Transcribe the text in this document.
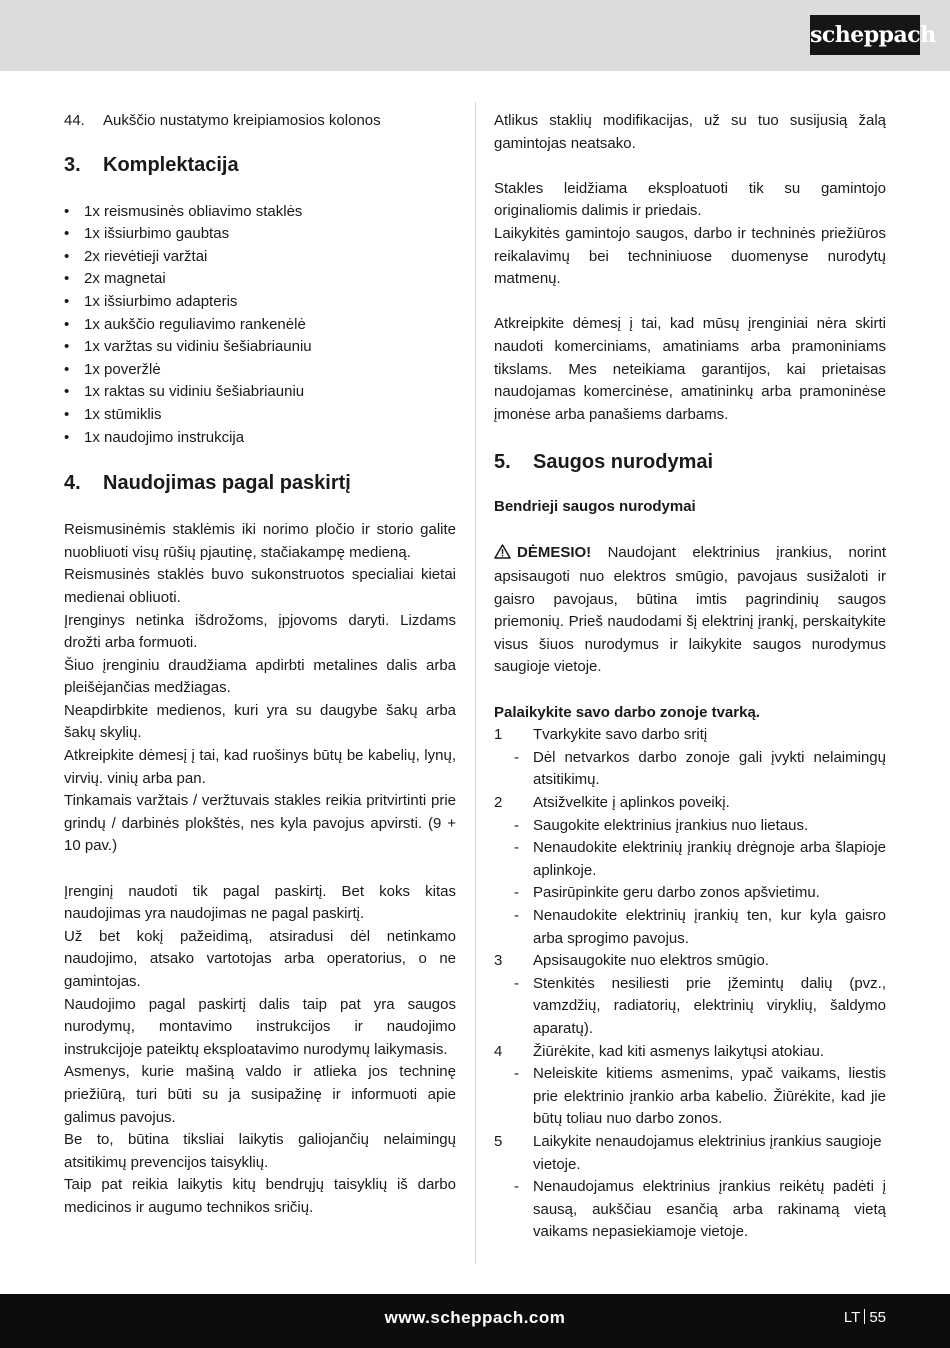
scheppach
44. Aukščio nustatymo kreipiamosios kolonos
3. Komplektacija
• 1x reismusinės obliavimo staklės
• 1x išsiurbimo gaubtas
• 2x rievėtieji varžtai
• 2x magnetai
• 1x išsiurbimo adapteris
• 1x aukščio reguliavimo rankenėlė
• 1x varžtas su vidiniu šešiabriauniu
• 1x poveržlė
• 1x raktas su vidiniu šešiabriauniu
• 1x stūmiklis
• 1x naudojimo instrukcija
4. Naudojimas pagal paskirtį

Reismusinėmis staklėmis iki norimo pločio ir storio galite nuobliuoti visų rūšių pjautinę, stačiakampę medieną.

Reismusinės staklės buvo sukonstruotos specialiai kietai medienai obliuoti.

Įrenginys netinka išdrožoms, įpjovoms daryti. Lizdams drožti arba formuoti.

Šiuo įrenginiu draudžiama apdirbti metalines dalis arba pleišėjančias medžiagas.

Neapdirbkite medienos, kuri yra su daugybe šakų arba šakų skylių.

Atkreipkite dėmesį į tai, kad ruošinys būtų be kabelių, lynų, virvių. vinių arba pan.

Tinkamais varžtais / veržtuvais stakles reikia pritvirtinti prie grindų / darbinės plokštės, nes kyla pavojus apvirsti. (9 + 10 pav.)

Įrenginį naudoti tik pagal paskirtį. Bet koks kitas naudojimas yra naudojimas ne pagal paskirtį.

Už bet kokį pažeidimą, atsiradusi dėl netinkamo naudojimo, atsako vartotojas arba operatorius, o ne gamintojas.

Naudojimo pagal paskirtį dalis taip pat yra saugos nurodymų, montavimo instrukcijos ir naudojimo instrukcijoje pateiktų eksploatavimo nurodymų laikymasis.

Asmenys, kurie mašiną valdo ir atlieka jos techninę priežiūrą, turi būti su ja susipažinę ir informuoti apie galimus pavojus.

Be to, būtina tiksliai laikytis galiojančių nelaimingų atsitikimų prevencijos taisyklių.

Taip pat reikia laikytis kitų bendrųjų taisyklių iš darbo medicinos ir augumo technikos sričių.

Atlikus staklių modifikacijas, už su tuo susijusią žalą gamintojas neatsako.

Stakles leidžiama eksploatuoti tik su gamintojo originaliomis dalimis ir priedais.

Laikykitės gamintojo saugos, darbo ir techninės priežiūros reikalavimų bei techniniuose duomenyse nurodytų matmenų.

Atkreipkite dėmesį į tai, kad mūsų įrenginiai nėra skirti naudoti komerciniams, amatiniams arba pramoniniams tikslams. Mes neteikiama garantijos, kai prietaisas naudojamas komercinėse, amatininkų arba pramoninėse įmonėse arba panašiems darbams.

5. Saugos nurodymai
Bendrieji saugos nurodymai

DĖMESIO! Naudojant elektrinius įrankius, norint apsisaugoti nuo elektros smūgio, pavojaus susižaloti ir gaisro pavojaus, būtina imtis pagrindinių saugos priemonių. Prieš naudodami šį elektrinį įrankį, perskaitykite visus šiuos nurodymus ir laikykite saugos nurodymus saugioje vietoje.

Palaikykite savo darbo zonoje tvarką.
1 Tvarkykite savo darbo sritį
- Dėl netvarkos darbo zonoje gali įvykti nelaimingų atsitikimų.
2 Atsižvelkite į aplinkos poveikį.
- Saugokite elektrinius įrankius nuo lietaus.
- Nenaudokite elektrinių įrankių drėgnoje arba šlapioje aplinkoje.
- Pasirūpinkite geru darbo zonos apšvietimu.
- Nenaudokite elektrinių įrankių ten, kur kyla gaisro arba sprogimo pavojus.
3 Apsisaugokite nuo elektros smūgio.
- Stenkitės nesiliesti prie įžemintų dalių (pvz., vamzdžių, radiatorių, elektrinių viryklių, šaldymo aparatų).
4 Žiūrėkite, kad kiti asmenys laikytųsi atokiau.
- Neleiskite kitiems asmenims, ypač vaikams, liestis prie elektrinio įrankio arba kabelio. Žiūrėkite, kad jie būtų toliau nuo darbo zonos.
5 Laikykite nenaudojamus elektrinius įrankius saugioje vietoje.
- Nenaudojamus elektrinius įrankius reikėtų padėti į sausą, aukščiau esančią arba rakinamą vietą vaikams nepasiekiamoje vietoje.
www.scheppach.com	LT 55
